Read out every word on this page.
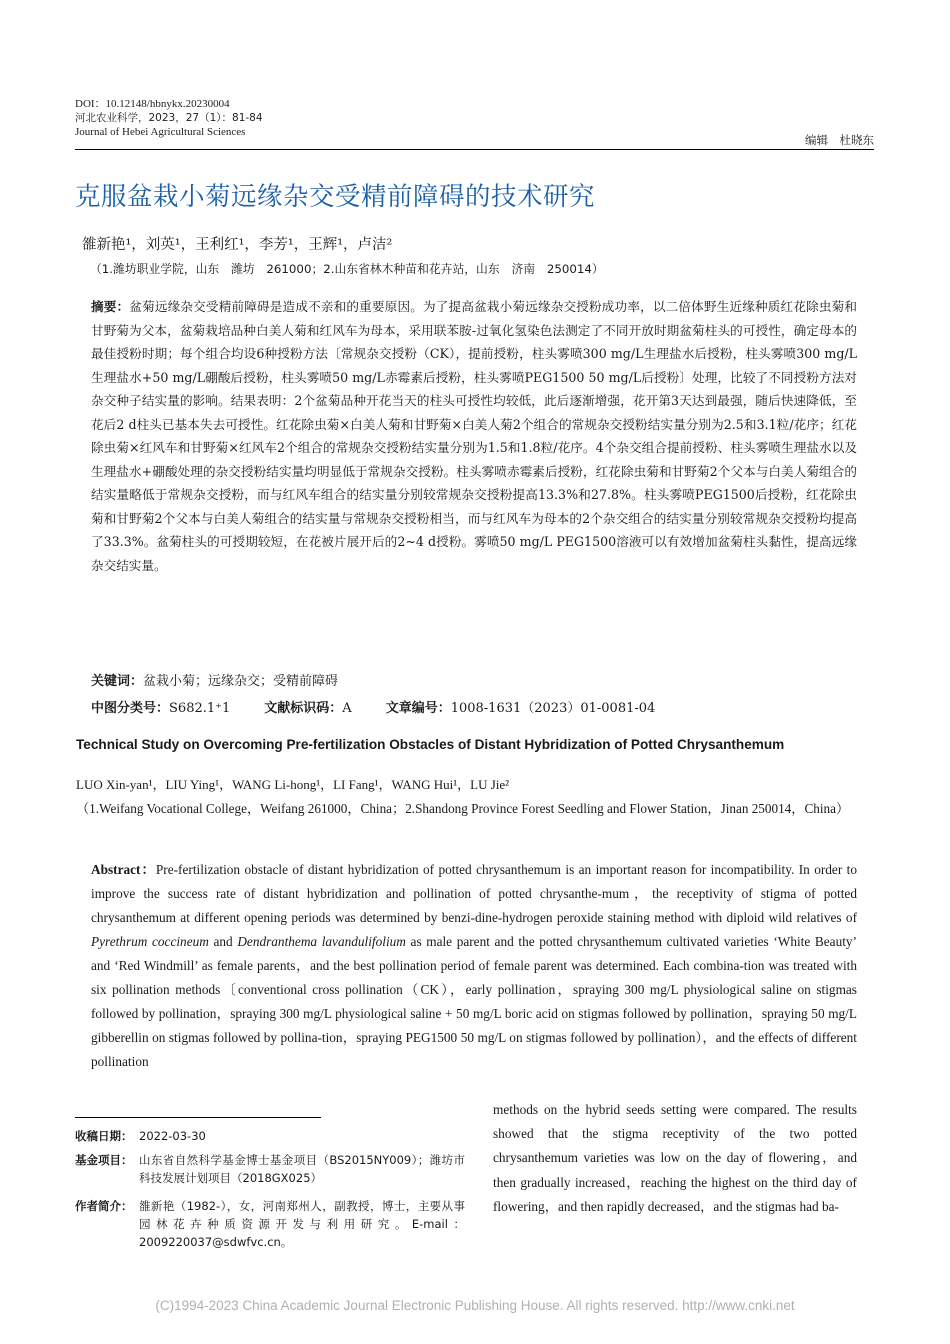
DOI：10.12148/hbnykx.20230004
河北农业科学，2023，27（1）：81-84
Journal of Hebei Agricultural Sciences
编辑　杜晓东
克服盆栽小菊远缘杂交受精前障碍的技术研究
雒新艳¹，刘英¹，王利红¹，李芳¹，王辉¹，卢洁²
（1.潍坊职业学院，山东　潍坊　261000；2.山东省林木种苗和花卉站，山东　济南　250014）
摘要：盆菊远缘杂交受精前障碍是造成不亲和的重要原因。为了提高盆栽小菊远缘杂交授粉成功率，以二倍体野生近缘种质红花除虫菊和甘野菊为父本，盆菊栽培品种白美人菊和红风车为母本，采用联苯胺-过氧化氢染色法测定了不同开放时期盆菊柱头的可授性，确定母本的最佳授粉时期；每个组合均设6种授粉方法〔常规杂交授粉（CK），提前授粉，柱头雾喷300 mg/L生理盐水后授粉，柱头雾喷300 mg/L生理盐水+50 mg/L硼酸后授粉，柱头雾喷50 mg/L赤霉素后授粉，柱头雾喷PEG1500 50 mg/L后授粉〕处理，比较了不同授粉方法对杂交种子结实量的影响。结果表明：2个盆菊品种开花当天的柱头可授性均较低，此后逐渐增强，花开第3天达到最强，随后快速降低，至花后2 d柱头已基本失去可授性。红花除虫菊×白美人菊和甘野菊×白美人菊2个组合的常规杂交授粉结实量分别为2.5和3.1粒/花序；红花除虫菊×红风车和甘野菊×红风车2个组合的常规杂交授粉结实量分别为1.5和1.8粒/花序。4个杂交组合提前授粉、柱头雾喷生理盐水以及生理盐水+硼酸处理的杂交授粉结实量均明显低于常规杂交授粉。柱头雾喷赤霉素后授粉，红花除虫菊和甘野菊2个父本与白美人菊组合的结实量略低于常规杂交授粉，而与红风车组合的结实量分别较常规杂交授粉提高13.3%和27.8%。柱头雾喷PEG1500后授粉，红花除虫菊和甘野菊2个父本与白美人菊组合的结实量与常规杂交授粉相当，而与红风车为母本的2个杂交组合的结实量分别较常规杂交授粉均提高了33.3%。盆菊柱头的可授期较短，在花被片展开后的2~4 d授粉。雾喷50 mg/L PEG1500溶液可以有效增加盆菊柱头黏性，提高远缘杂交结实量。
关键词：盆栽小菊；远缘杂交；受精前障碍
中图分类号：S682.1⁺1	文献标识码：A	文章编号：1008-1631（2023）01-0081-04
Technical Study on Overcoming Pre-fertilization Obstacles of Distant Hybridization of Potted Chrysanthemum
LUO Xin-yan¹，LIU Ying¹，WANG Li-hong¹，LI Fang¹，WANG Hui¹，LU Jie²
（1.Weifang Vocational College，Weifang 261000，China；2.Shandong Province Forest Seedling and Flower Station，Jinan 250014，China）
Abstract：Pre-fertilization obstacle of distant hybridization of potted chrysanthemum is an important reason for incompatibility. In order to improve the success rate of distant hybridization and pollination of potted chrysanthe-mum，the receptivity of stigma of potted chrysanthemum at different opening periods was determined by benzi-dine-hydrogen peroxide staining method with diploid wild relatives of Pyrethrum coccineum and Dendranthema lavandulifolium as male parent and the potted chrysanthemum cultivated varieties ‘White Beauty’ and ‘Red Windmill’ as female parents，and the best pollination period of female parent was determined. Each combina-tion was treated with six pollination methods〔conventional cross pollination（CK），early pollination，spraying 300 mg/L physiological saline on stigmas followed by pollination，spraying 300 mg/L physiological saline + 50 mg/L boric acid on stigmas followed by pollination，spraying 50 mg/L gibberellin on stigmas followed by pollina-tion，spraying PEG1500 50 mg/L on stigmas followed by pollination），and the effects of different pollination
methods on the hybrid seeds setting were compared. The results showed that the stigma receptivity of the two potted chrysanthemum varieties was low on the day of flowering，and then gradually increased，reaching the highest on the third day of flowering，and then rapidly decreased，and the stigmas had ba-
收稿日期： 2022-03-30
基金项目： 山东省自然科学基金博士基金项目（BS2015NY009）；潍坊市科技发展计划项目（2018GX025）
作者简介： 雒新艳（1982-），女，河南郑州人，副教授，博士，主要从事园林花卉种质资源开发与利用研究。E-mail：2009220037@sdwfvc.cn。
(C)1994-2023 China Academic Journal Electronic Publishing House. All rights reserved. http://www.cnki.net
